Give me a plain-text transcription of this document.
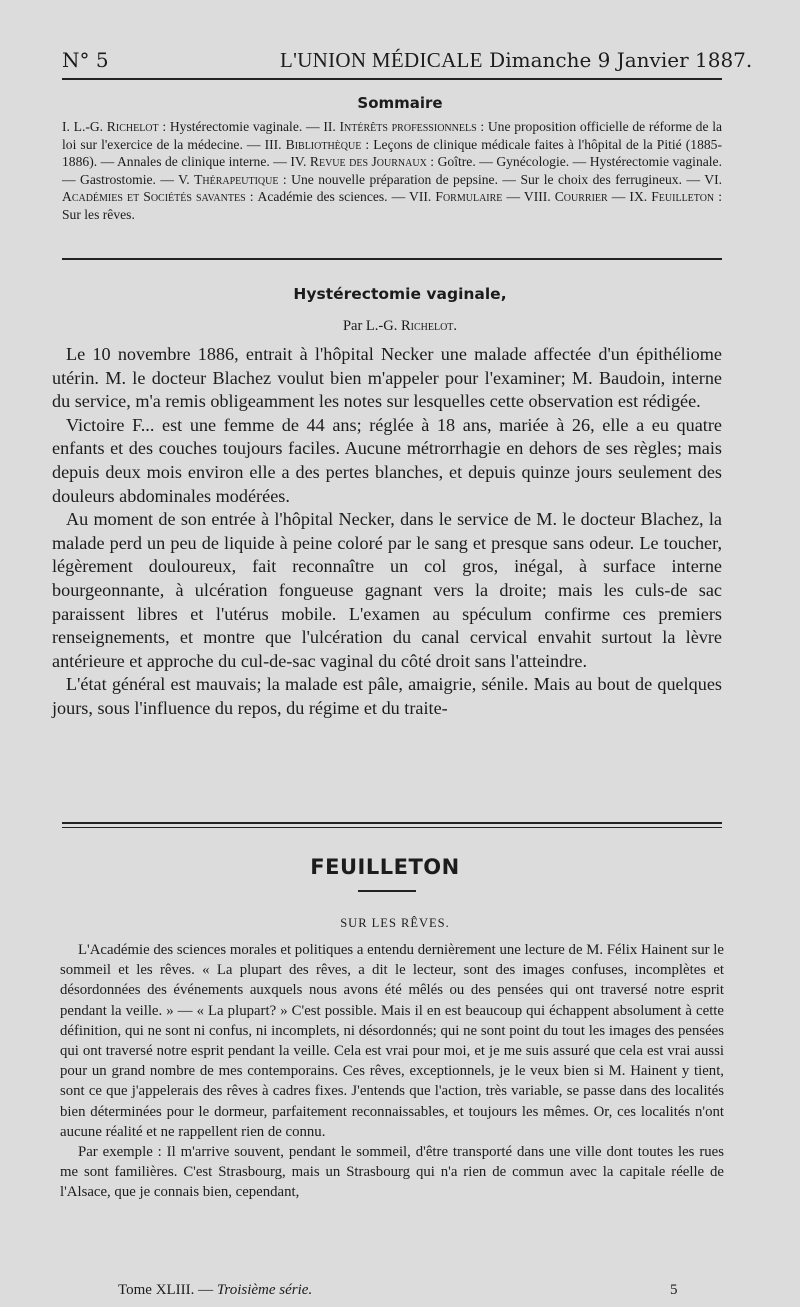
N° 5	L'UNION MÉDICALE Dimanche 9 Janvier 1887.
Sommaire
I. L.-G. Richelot : Hystérectomie vaginale. — II. Intérêts professionnels : Une proposition officielle de réforme de la loi sur l'exercice de la médecine. — III. Bibliothèque : Leçons de clinique médicale faites à l'hôpital de la Pitié (1885-1886). — Annales de clinique interne. — IV. Revue des Journaux : Goître. — Gynécologie. — Hystérectomie vaginale. — Gastrostomie. — V. Thérapeutique : Une nouvelle préparation de pepsine. — Sur le choix des ferrugineux. — VI. Académies et Sociétés savantes : Académie des sciences. — VII. Formulaire — VIII. Courrier — IX. Feuilleton : Sur les rêves.
Hystérectomie vaginale,
Par L.-G. Richelot.

Le 10 novembre 1886, entrait à l'hôpital Necker une malade affectée d'un épithéliome utérin. M. le docteur Blachez voulut bien m'appeler pour l'examiner; M. Baudoin, interne du service, m'a remis obligeamment les notes sur lesquelles cette observation est rédigée.

Victoire F... est une femme de 44 ans; réglée à 18 ans, mariée à 26, elle a eu quatre enfants et des couches toujours faciles. Aucune métrorrhagie en dehors de ses règles; mais depuis deux mois environ elle a des pertes blanches, et depuis quinze jours seulement des douleurs abdominales modérées.

Au moment de son entrée à l'hôpital Necker, dans le service de M. le docteur Blachez, la malade perd un peu de liquide à peine coloré par le sang et presque sans odeur. Le toucher, légèrement douloureux, fait reconnaître un col gros, inégal, à surface interne bourgeonnante, à ulcération fongueuse gagnant vers la droite; mais les culs-de sac paraissent libres et l'utérus mobile. L'examen au spéculum confirme ces premiers renseignements, et montre que l'ulcération du canal cervical envahit surtout la lèvre antérieure et approche du cul-de-sac vaginal du côté droit sans l'atteindre.

L'état général est mauvais; la malade est pâle, amaigrie, sénile. Mais au bout de quelques jours, sous l'influence du repos, du régime et du traite-

FEUILLETON
SUR LES RÊVES.

L'Académie des sciences morales et politiques a entendu dernièrement une lecture de M. Félix Hainent sur le sommeil et les rêves. « La plupart des rêves, a dit le lecteur, sont des images confuses, incomplètes et désordonnées des événements auxquels nous avons été mêlés ou des pensées qui ont traversé notre esprit pendant la veille. » — « La plupart? » C'est possible. Mais il en est beaucoup qui échappent absolument à cette définition, qui ne sont ni confus, ni incomplets, ni désordonnés; qui ne sont point du tout les images des pensées qui ont traversé notre esprit pendant la veille. Cela est vrai pour moi, et je me suis assuré que cela est vrai aussi pour un grand nombre de mes contemporains. Ces rêves, exceptionnels, je le veux bien si M. Hainent y tient, sont ce que j'appelerais des rêves à cadres fixes. J'entends que l'action, très variable, se passe dans des localités bien déterminées pour le dormeur, parfaitement reconnaissables, et toujours les mêmes. Or, ces localités n'ont aucune réalité et ne rappellent rien de connu.

Par exemple : Il m'arrive souvent, pendant le sommeil, d'être transporté dans une ville dont toutes les rues me sont familières. C'est Strasbourg, mais un Strasbourg qui n'a rien de commun avec la capitale réelle de l'Alsace, que je connais bien, cependant,

Tome XLIII. — Troisième série.	5
